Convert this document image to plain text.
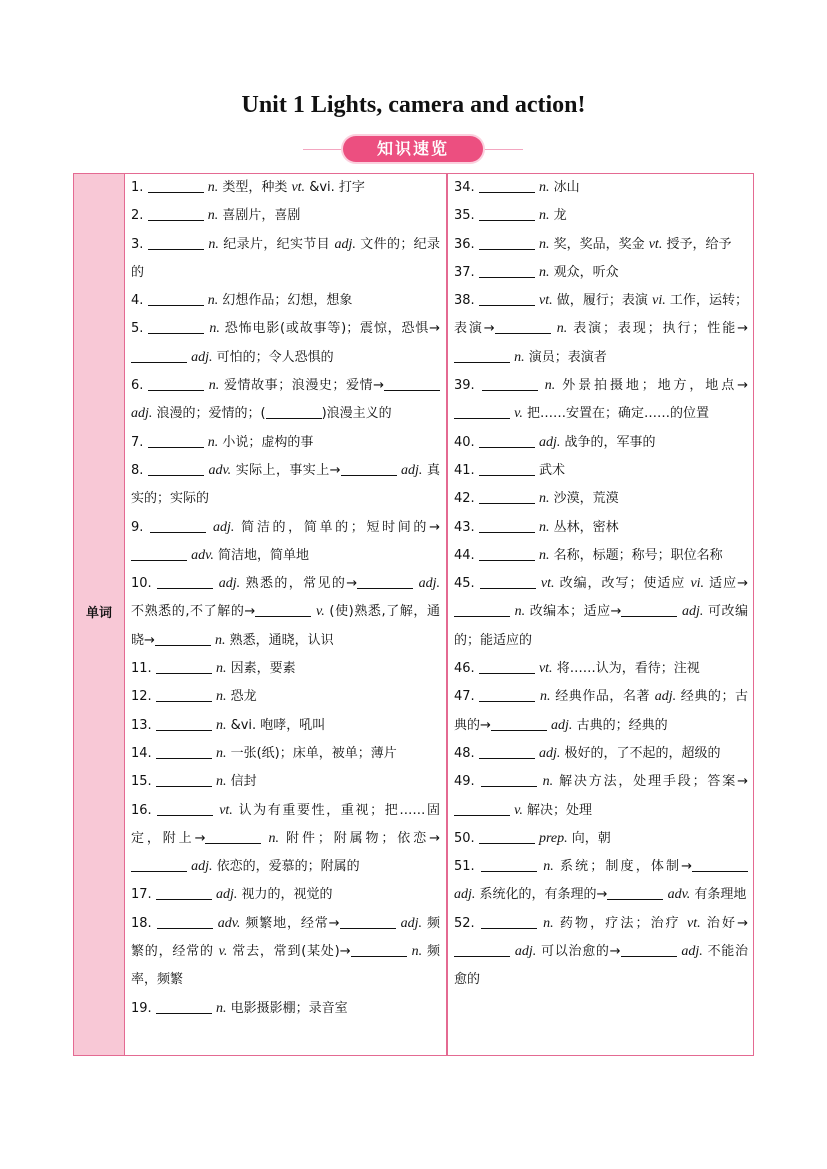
Unit 1 Lights, camera and action!
知识速览
单词
1.	n. 类型，种类 vt. &vi. 打字
2.	n. 喜剧片，喜剧
3.	n. 纪录片，纪实节目 adj. 文件的；纪录的
4.	n. 幻想作品；幻想，想象
5.	n. 恐怖电影(或故事等)；震惊，恐惧→ adj. 可怕的；令人恐惧的
6.	n. 爱情故事；浪漫史；爱情→ adj. 浪漫的；爱情的；(	)浪漫主义的
7.	n. 小说；虚构的事
8.	adv. 实际上，事实上→	adj. 真实的；实际的
9.	adj. 简洁的，简单的；短时间的→ adv. 简洁地，简单地
10.	adj. 熟悉的，常见的→	adj. 不熟悉的,不了解的→	v. (使)熟悉,了解，通晓→	n. 熟悉，通晓，认识
11.	n. 因素，要素
12.	n. 恐龙
13.	n. &vi. 咆哮，吼叫
14.	n. 一张(纸)；床单，被单；薄片
15.	n. 信封
16.	vt. 认为有重要性，重视；把……固定，附上→	n. 附件；附属物；依恋→ adj. 依恋的，爱慕的；附属的
17.	adj. 视力的，视觉的
18.	adv. 频繁地，经常→	adj. 频繁的，经常的 v. 常去，常到(某处)→	n. 频率，频繁
19.	n. 电影摄影棚；录音室
34.	n. 冰山
35.	n. 龙
36.	n. 奖，奖品，奖金 vt. 授予，给予
37.	n. 观众，听众
38.	vt. 做，履行；表演 vi. 工作，运转；表演→	n. 表演；表现；执行；性能→ n. 演员；表演者
39.	n. 外景拍摄地；地方，地点→ v. 把……安置在；确定……的位置
40.	adj. 战争的，军事的
41.	武术
42.	n. 沙漠，荒漠
43.	n. 丛林，密林
44.	n. 名称，标题；称号；职位名称
45.	vt. 改编，改写；使适应 vi. 适应→ n. 改编本；适应→	adj. 可改编的；能适应的
46.	vt. 将……认为，看待；注视
47.	n. 经典作品，名著 adj. 经典的；古典的→	adj. 古典的；经典的
48.	adj. 极好的，了不起的，超级的
49.	n. 解决方法，处理手段；答案→ v. 解决；处理
50.	prep. 向，朝
51.	n. 系统；制度，体制→ adj. 系统化的，有条理的→	adv. 有条理地
52.	n. 药物，疗法；治疗 vt. 治好→ adj. 可以治愈的→	adj. 不能治愈的
